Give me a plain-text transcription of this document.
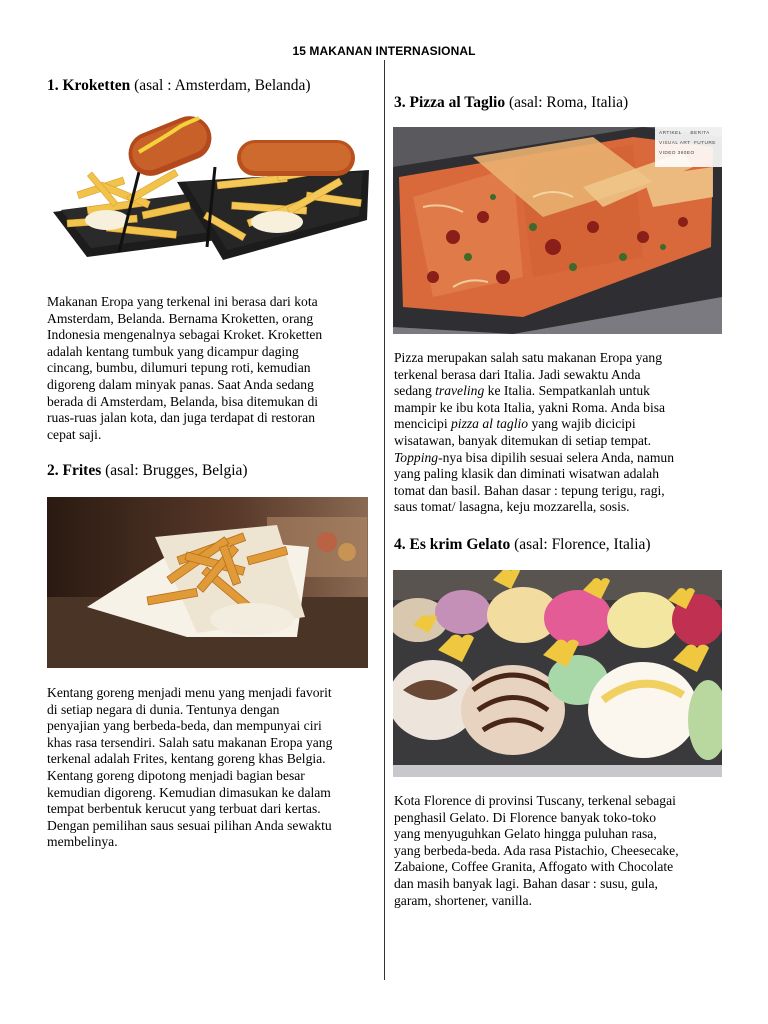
15 MAKANAN INTERNASIONAL
1. Kroketten (asal : Amsterdam, Belanda)
Makanan Eropa yang terkenal ini berasa dari kota
Amsterdam, Belanda. Bernama Kroketten, orang
Indonesia mengenalnya sebagai Kroket. Kroketten
adalah kentang tumbuk yang dicampur daging
cincang, bumbu, dilumuri tepung roti, kemudian
digoreng dalam minyak panas. Saat Anda sedang
berada di Amsterdam, Belanda, bisa ditemukan di
ruas-ruas jalan kota, dan juga terdapat di restoran
cepat saji.
2. Frites (asal: Brugges, Belgia)
Kentang goreng menjadi menu yang menjadi favorit
di setiap negara di dunia. Tentunya dengan
penyajian yang berbeda-beda, dan mempunyai ciri
khas rasa tersendiri. Salah satu makanan Eropa yang
terkenal adalah Frites, kentang goreng khas Belgia.
Kentang goreng dipotong menjadi bagian besar
kemudian digoreng. Kemudian dimasukan ke dalam
tempat berbentuk kerucut yang terbuat dari kertas.
Dengan pemilihan saus sesuai pilihan Anda sewaktu
membelinya.
3. Pizza al Taglio (asal: Roma, Italia)
ARTIKEL BERITA
VISUAL ART FUTURE
VIDEO 360EO
Pizza merupakan salah satu makanan Eropa yang
terkenal berasa dari Italia. Jadi sewaktu Anda
sedang traveling ke Italia. Sempatkanlah untuk
mampir ke ibu kota Italia, yakni Roma. Anda bisa
mencicipi pizza al taglio yang wajib dicicipi
wisatawan, banyak ditemukan di setiap tempat.
Topping-nya bisa dipilih sesuai selera Anda, namun
yang paling klasik dan diminati wisatwan adalah
tomat dan basil. Bahan dasar : tepung terigu, ragi,
saus tomat/ lasagna, keju mozzarella, sosis.
4. Es krim Gelato (asal: Florence, Italia)
Kota Florence di provinsi Tuscany, terkenal sebagai
penghasil Gelato. Di Florence banyak toko-toko
yang menyuguhkan Gelato hingga puluhan rasa,
yang berbeda-beda. Ada rasa Pistachio, Cheesecake,
Zabaione, Coffee Granita, Affogato with Chocolate
dan masih banyak lagi. Bahan dasar : susu, gula,
garam, shortener, vanilla.
